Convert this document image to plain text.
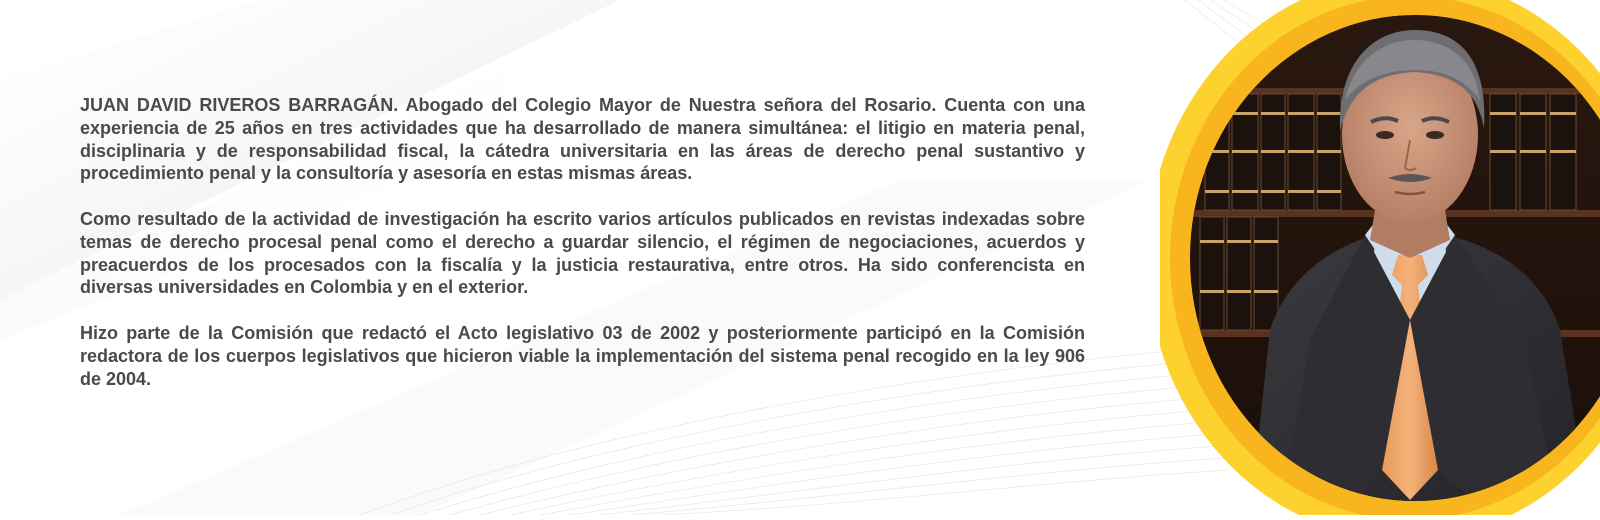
JUAN DAVID RIVEROS BARRAGÁN. Abogado del Colegio Mayor de Nuestra señora del Rosario. Cuenta con una experiencia de 25 años en tres actividades que ha desarrollado de manera simultánea: el litigio en materia penal, disciplinaria y de responsabilidad fiscal, la cátedra universitaria en las áreas de derecho penal sustantivo y procedimiento penal y la consultoría y asesoría en estas mismas áreas.

Como resultado de la actividad de investigación ha escrito varios artículos publicados en revistas indexadas sobre temas de derecho procesal penal como el derecho a guardar silencio, el régimen de negociaciones, acuerdos y preacuerdos de los procesados con la fiscalía y la justicia restaurativa, entre otros. Ha sido conferencista en diversas universidades en Colombia y en el exterior.

Hizo parte de la Comisión que redactó el Acto legislativo 03 de 2002 y posteriormente participó en la Comisión redactora de los cuerpos legislativos que hicieron viable la implementación del sistema penal recogido en la ley 906 de 2004.
